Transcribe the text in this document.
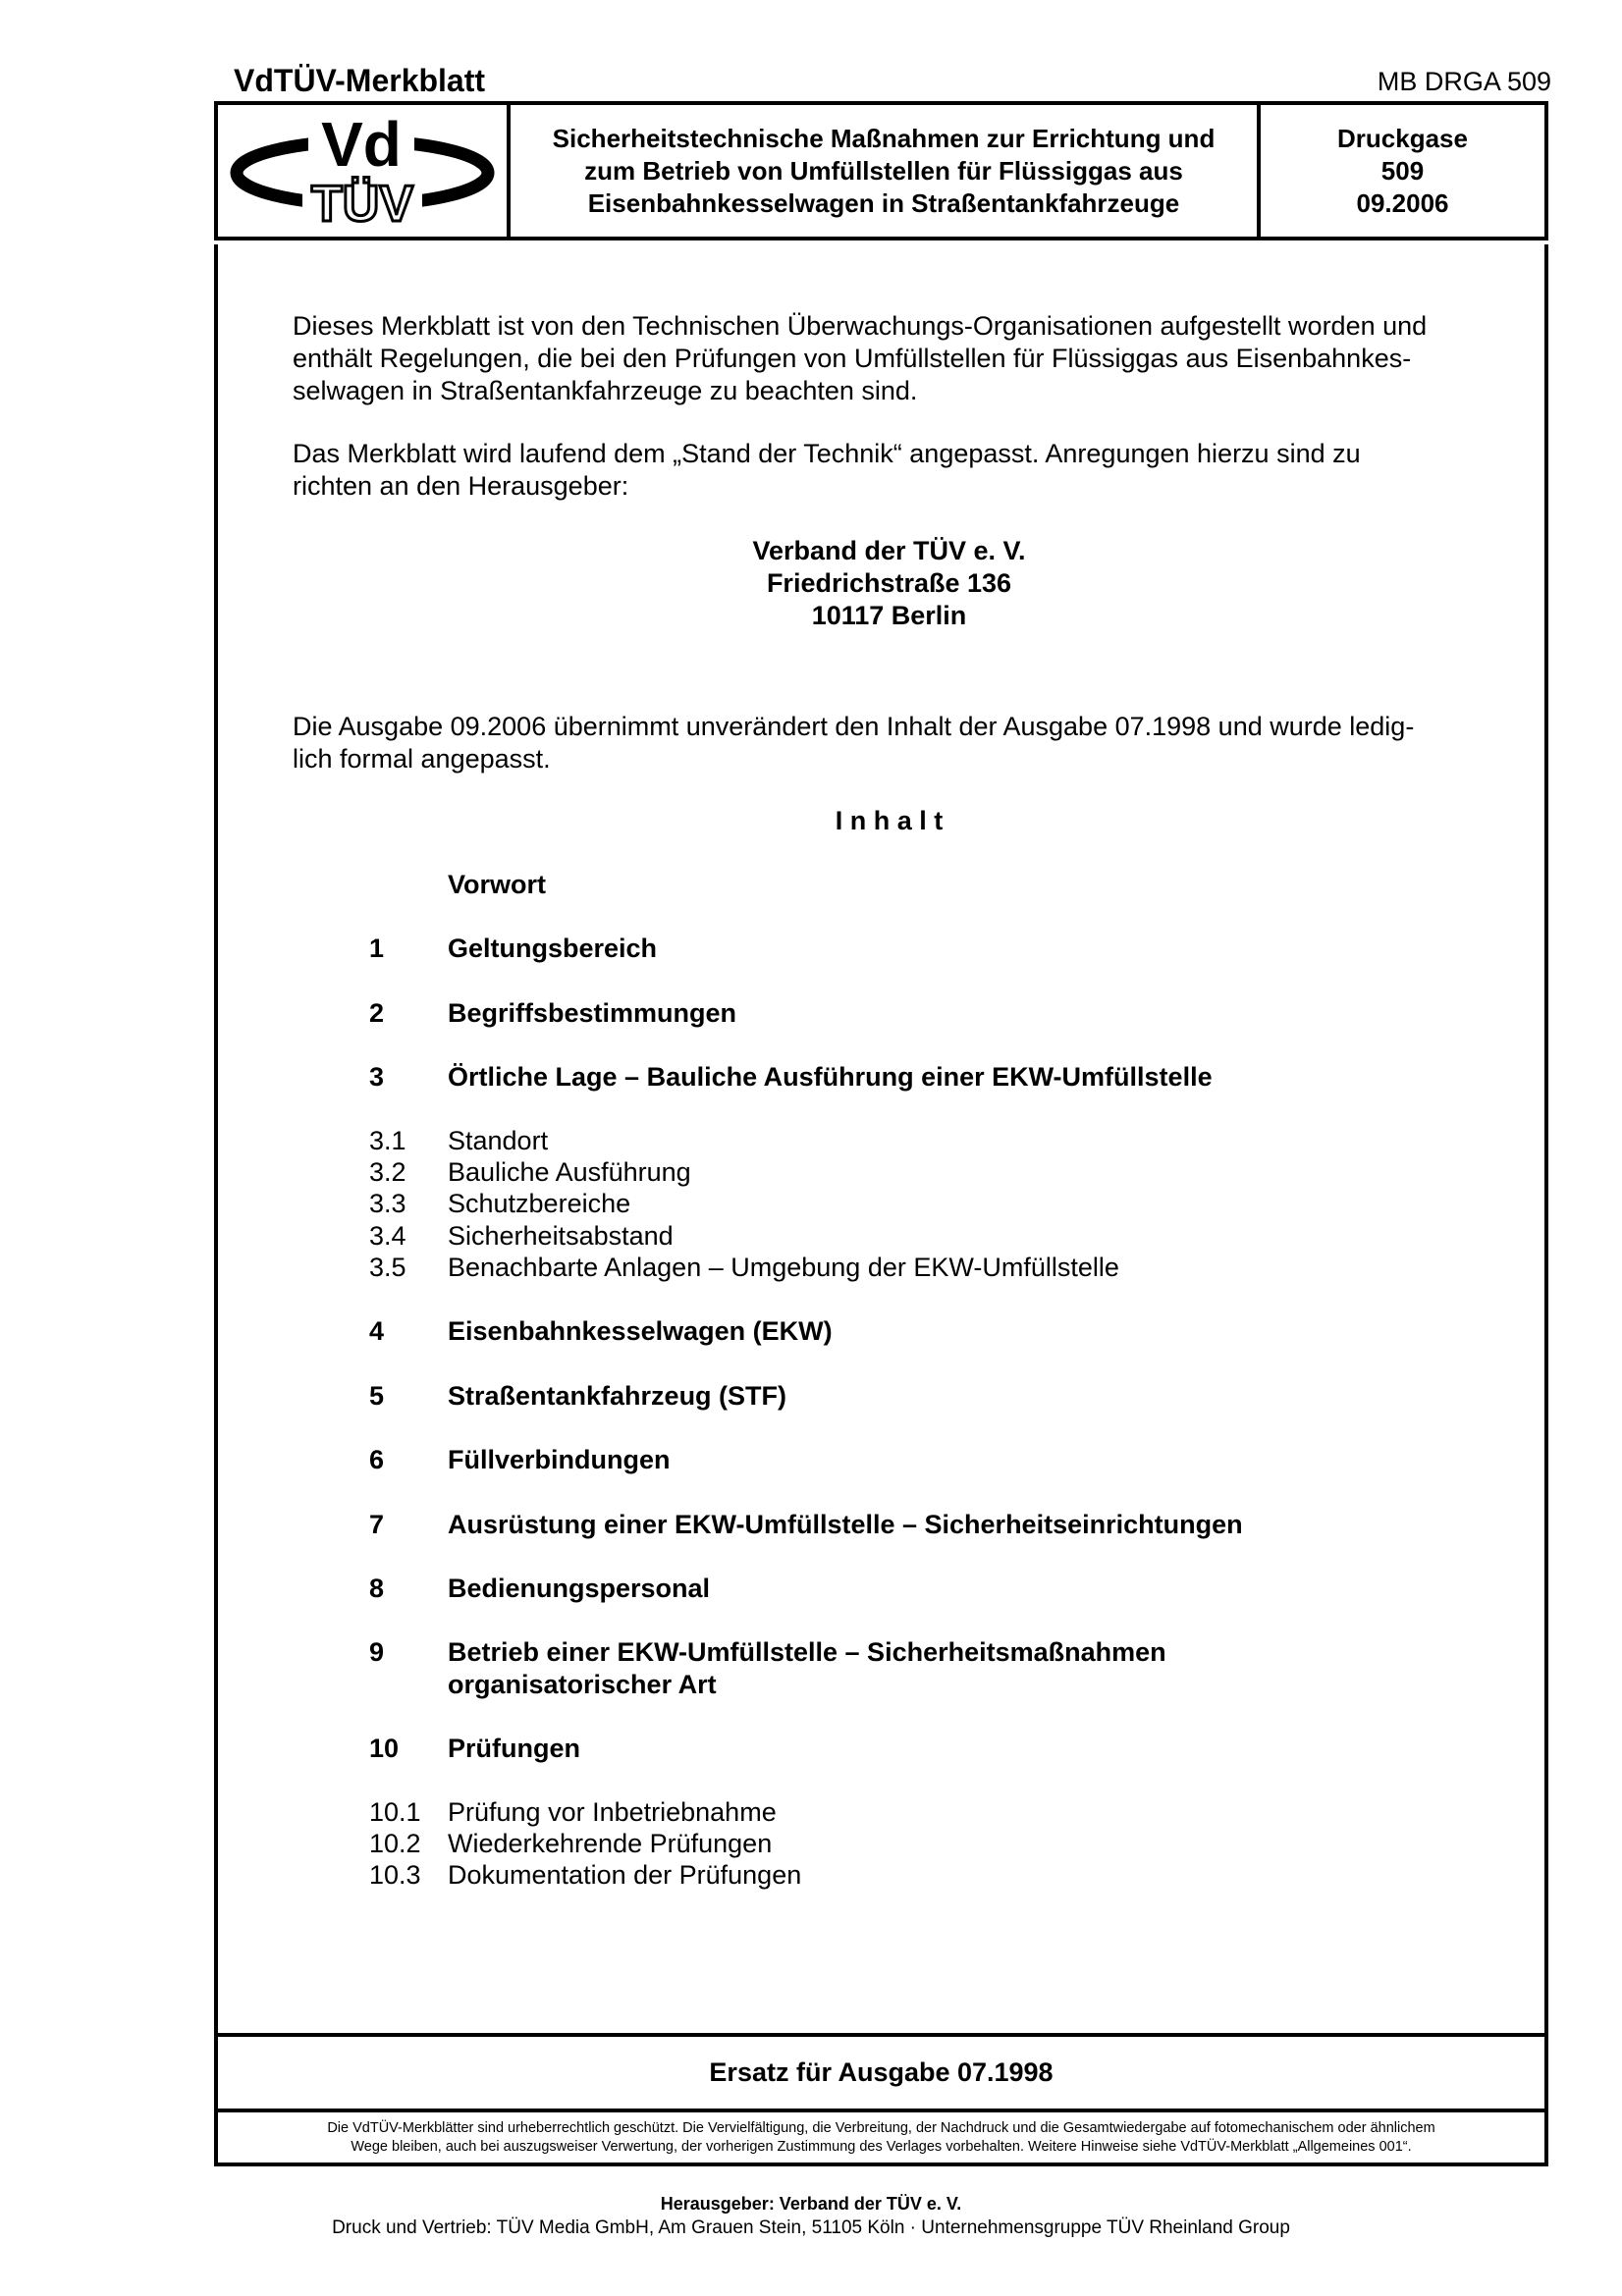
VdTÜV-Merkblatt	MB DRGA 509
Vd
TÜV
Sicherheitstechnische Maßnahmen zur Errichtung und
zum Betrieb von Umfüllstellen für Flüssiggas aus
Eisenbahnkesselwagen in Straßentankfahrzeuge
Druckgase
509
09.2006
Dieses Merkblatt ist von den Technischen Überwachungs-Organisationen aufgestellt worden und
enthält Regelungen, die bei den Prüfungen von Umfüllstellen für Flüssiggas aus Eisenbahnkes-
selwagen in Straßentankfahrzeuge zu beachten sind.
Das Merkblatt wird laufend dem „Stand der Technik“ angepasst. Anregungen hierzu sind zu
richten an den Herausgeber:
Verband der TÜV e. V.
Friedrichstraße 136
10117 Berlin
Die Ausgabe 09.2006 übernimmt unverändert den Inhalt der Ausgabe 07.1998 und wurde ledig-
lich formal angepasst.
I n h a l t
Vorwort
1 Geltungsbereich
2 Begriffsbestimmungen
3 Örtliche Lage – Bauliche Ausführung einer EKW-Umfüllstelle
3.1 Standort
3.2 Bauliche Ausführung
3.3 Schutzbereiche
3.4 Sicherheitsabstand
3.5 Benachbarte Anlagen – Umgebung der EKW-Umfüllstelle
4 Eisenbahnkesselwagen (EKW)
5 Straßentankfahrzeug (STF)
6 Füllverbindungen
7 Ausrüstung einer EKW-Umfüllstelle – Sicherheitseinrichtungen
8 Bedienungspersonal
9 Betrieb einer EKW-Umfüllstelle – Sicherheitsmaßnahmen
organisatorischer Art
10 Prüfungen
10.1 Prüfung vor Inbetriebnahme
10.2 Wiederkehrende Prüfungen
10.3 Dokumentation der Prüfungen
Ersatz für Ausgabe 07.1998
Die VdTÜV-Merkblätter sind urheberrechtlich geschützt. Die Vervielfältigung, die Verbreitung, der Nachdruck und die Gesamtwiedergabe auf fotomechanischem oder ähnlichem
Wege bleiben, auch bei auszugsweiser Verwertung, der vorherigen Zustimmung des Verlages vorbehalten. Weitere Hinweise siehe VdTÜV-Merkblatt „Allgemeines 001“.
Herausgeber: Verband der TÜV e. V.
Druck und Vertrieb: TÜV Media GmbH, Am Grauen Stein, 51105 Köln · Unternehmensgruppe TÜV Rheinland Group
